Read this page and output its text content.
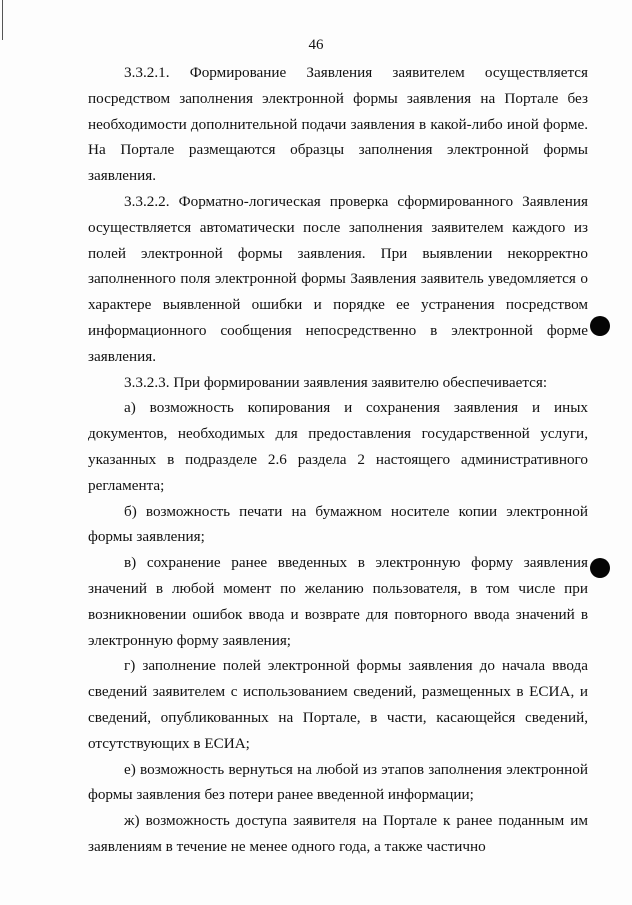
46

3.3.2.1. Формирование Заявления заявителем осуществляется посредством заполнения электронной формы заявления на Портале без необходимости дополнительной подачи заявления в какой-либо иной форме. На Портале размещаются образцы заполнения электронной формы заявления.

3.3.2.2. Форматно-логическая проверка сформированного Заявления осуществляется автоматически после заполнения заявителем каждого из полей электронной формы заявления. При выявлении некорректно заполненного поля электронной формы Заявления заявитель уведомляется о характере выявленной ошибки и порядке ее устранения посредством информационного сообщения непосредственно в электронной форме заявления.

3.3.2.3. При формировании заявления заявителю обеспечивается:

а) возможность копирования и сохранения заявления и иных документов, необходимых для предоставления государственной услуги, указанных в подразделе 2.6 раздела 2 настоящего административного регламента;

б) возможность печати на бумажном носителе копии электронной формы заявления;

в) сохранение ранее введенных в электронную форму заявления значений в любой момент по желанию пользователя, в том числе при возникновении ошибок ввода и возврате для повторного ввода значений в электронную форму заявления;

г) заполнение полей электронной формы заявления до начала ввода сведений заявителем с использованием сведений, размещенных в ЕСИА, и сведений, опубликованных на Портале, в части, касающейся сведений, отсутствующих в ЕСИА;

е) возможность вернуться на любой из этапов заполнения электронной формы заявления без потери ранее введенной информации;

ж) возможность доступа заявителя на Портале к ранее поданным им заявлениям в течение не менее одного года, а также частично
